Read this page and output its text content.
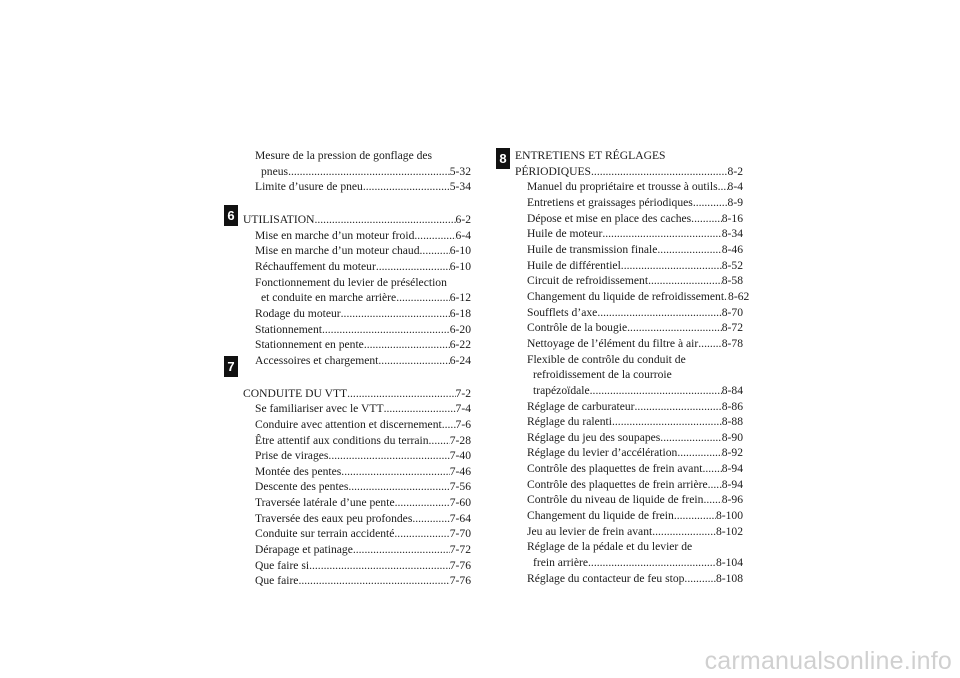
6
7
8
Mesure de la pression de gonflage des
pneus .....	5-32
Limite d’usure de pneu .....	5-34
UTILISATION .....	6-2
Mise en marche d’un moteur froid .....	6-4
Mise en marche d’un moteur chaud .....	6-10
Réchauffement du moteur .....	6-10
Fonctionnement du levier de présélection
et conduite en marche arrière .....	6-12
Rodage du moteur .....	6-18
Stationnement .....	6-20
Stationnement en pente .....	6-22
Accessoires et chargement .....	6-24
CONDUITE DU VTT .....	7-2
Se familiariser avec le VTT .....	7-4
Conduire avec attention et discernement ..... 7-6
Être attentif aux conditions du terrain ..... 7-28
Prise de virages .....	7-40
Montée des pentes .....	7-46
Descente des pentes .....	7-56
Traversée latérale d’une pente .....	7-60
Traversée des eaux peu profondes .....	7-64
Conduite sur terrain accidenté .....	7-70
Dérapage et patinage .....	7-72
Que faire si .....	7-76
Que faire .....	7-76
ENTRETIENS ET RÉGLAGES
PÉRIODIQUES .....	8-2
Manuel du propriétaire et trousse à outils ..... 8-4
Entretiens et graissages périodiques .....	8-9
Dépose et mise en place des caches .....	8-16
Huile de moteur .....	8-34
Huile de transmission finale .....	8-46
Huile de différentiel .....	8-52
Circuit de refroidissement .....	8-58
Changement du liquide de refroidissement ..... 8-62
Soufflets d’axe .....	8-70
Contrôle de la bougie .....	8-72
Nettoyage de l’élément du filtre à air ..... 8-78
Flexible de contrôle du conduit de
refroidissement de la courroie
trapézoïdale .....	8-84
Réglage de carburateur .....	8-86
Réglage du ralenti .....	8-88
Réglage du jeu des soupapes .....	8-90
Réglage du levier d’accélération .....	8-92
Contrôle des plaquettes de frein avant ..... 8-94
Contrôle des plaquettes de frein arrière ..... 8-94
Contrôle du niveau de liquide de frein ..... 8-96
Changement du liquide de frein .....	8-100
Jeu au levier de frein avant .....	8-102
Réglage de la pédale et du levier de
frein arrière .....	8-104
Réglage du contacteur de feu stop .....	8-108
carmanualsonline.info
